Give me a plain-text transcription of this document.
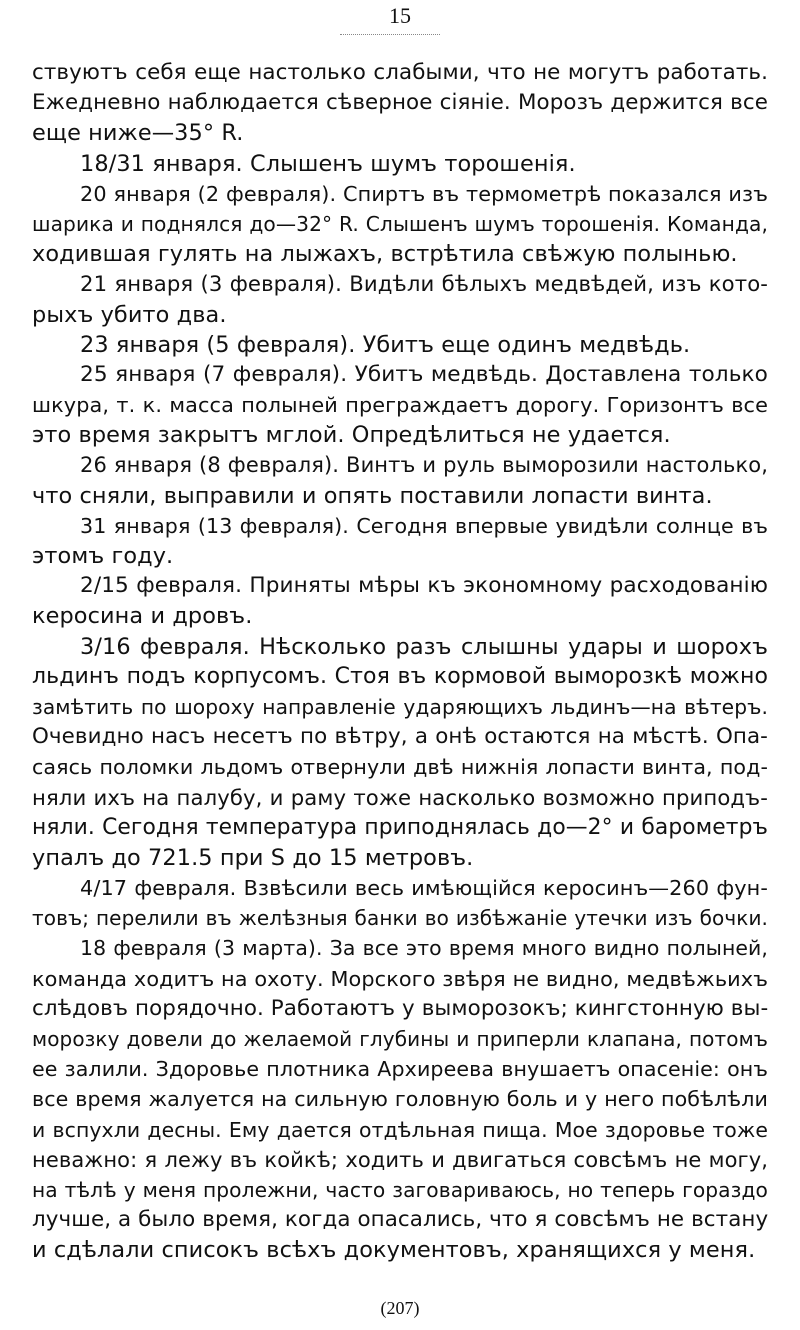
15
ствуютъ себя еще настолько слабыми, что не могутъ работать.
Ежедневно наблюдается сѣверное сіяніе. Морозъ держится все
еще ниже—35° R.
18/31 января. Слышенъ шумъ торошенія.
20 января (2 февраля). Спиртъ въ термометрѣ показался изъ
шарика и поднялся до—32° R. Слышенъ шумъ торошенія. Команда,
ходившая гулять на лыжахъ, встрѣтила свѣжую полынью.
21 января (3 февраля). Видѣли бѣлыхъ медвѣдей, изъ кото-
рыхъ убито два.
23 января (5 февраля). Убитъ еще одинъ медвѣдь.
25 января (7 февраля). Убитъ медвѣдь. Доставлена только
шкура, т. к. масса полыней преграждаетъ дорогу. Горизонтъ все
это время закрытъ мглой. Опредѣлиться не удается.
26 января (8 февраля). Винтъ и руль выморозили настолько,
что сняли, выправили и опять поставили лопасти винта.
31 января (13 февраля). Сегодня впервые увидѣли солнце въ
этомъ году.
2/15 февраля. Приняты мѣры къ экономному расходованію
керосина и дровъ.
3/16 февраля. Нѣсколько разъ слышны удары и шорохъ
льдинъ подъ корпусомъ. Стоя въ кормовой выморозкѣ можно
замѣтить по шороху направленіе ударяющихъ льдинъ—на вѣтеръ.
Очевидно насъ несетъ по вѣтру, а онѣ остаются на мѣстѣ. Опа-
саясь поломки льдомъ отвернули двѣ нижнія лопасти винта, под-
няли ихъ на палубу, и раму тоже насколько возможно приподъ-
няли. Сегодня температура приподнялась до—2° и барометръ
упалъ до 721.5 при S до 15 метровъ.
4/17 февраля. Взвѣсили весь имѣющійся керосинъ—260 фун-
товъ; перелили въ желѣзныя банки во избѣжаніе утечки изъ бочки.
18 февраля (3 марта). За все это время много видно полыней,
команда ходитъ на охоту. Морского звѣря не видно, медвѣжьихъ
слѣдовъ порядочно. Работаютъ у выморозокъ; кингстонную вы-
морозку довели до желаемой глубины и приперли клапана, потомъ
ее залили. Здоровье плотника Архиреева внушаетъ опасеніе: онъ
все время жалуется на сильную головную боль и у него побѣлѣли
и вспухли десны. Ему дается отдѣльная пища. Мое здоровье тоже
неважно: я лежу въ койкѣ; ходить и двигаться совсѣмъ не могу,
на тѣлѣ у меня пролежни, часто заговариваюсь, но теперь гораздо
лучше, а было время, когда опасались, что я совсѣмъ не встану
и сдѣлали списокъ всѣхъ документовъ, хранящихся у меня.
(207)
